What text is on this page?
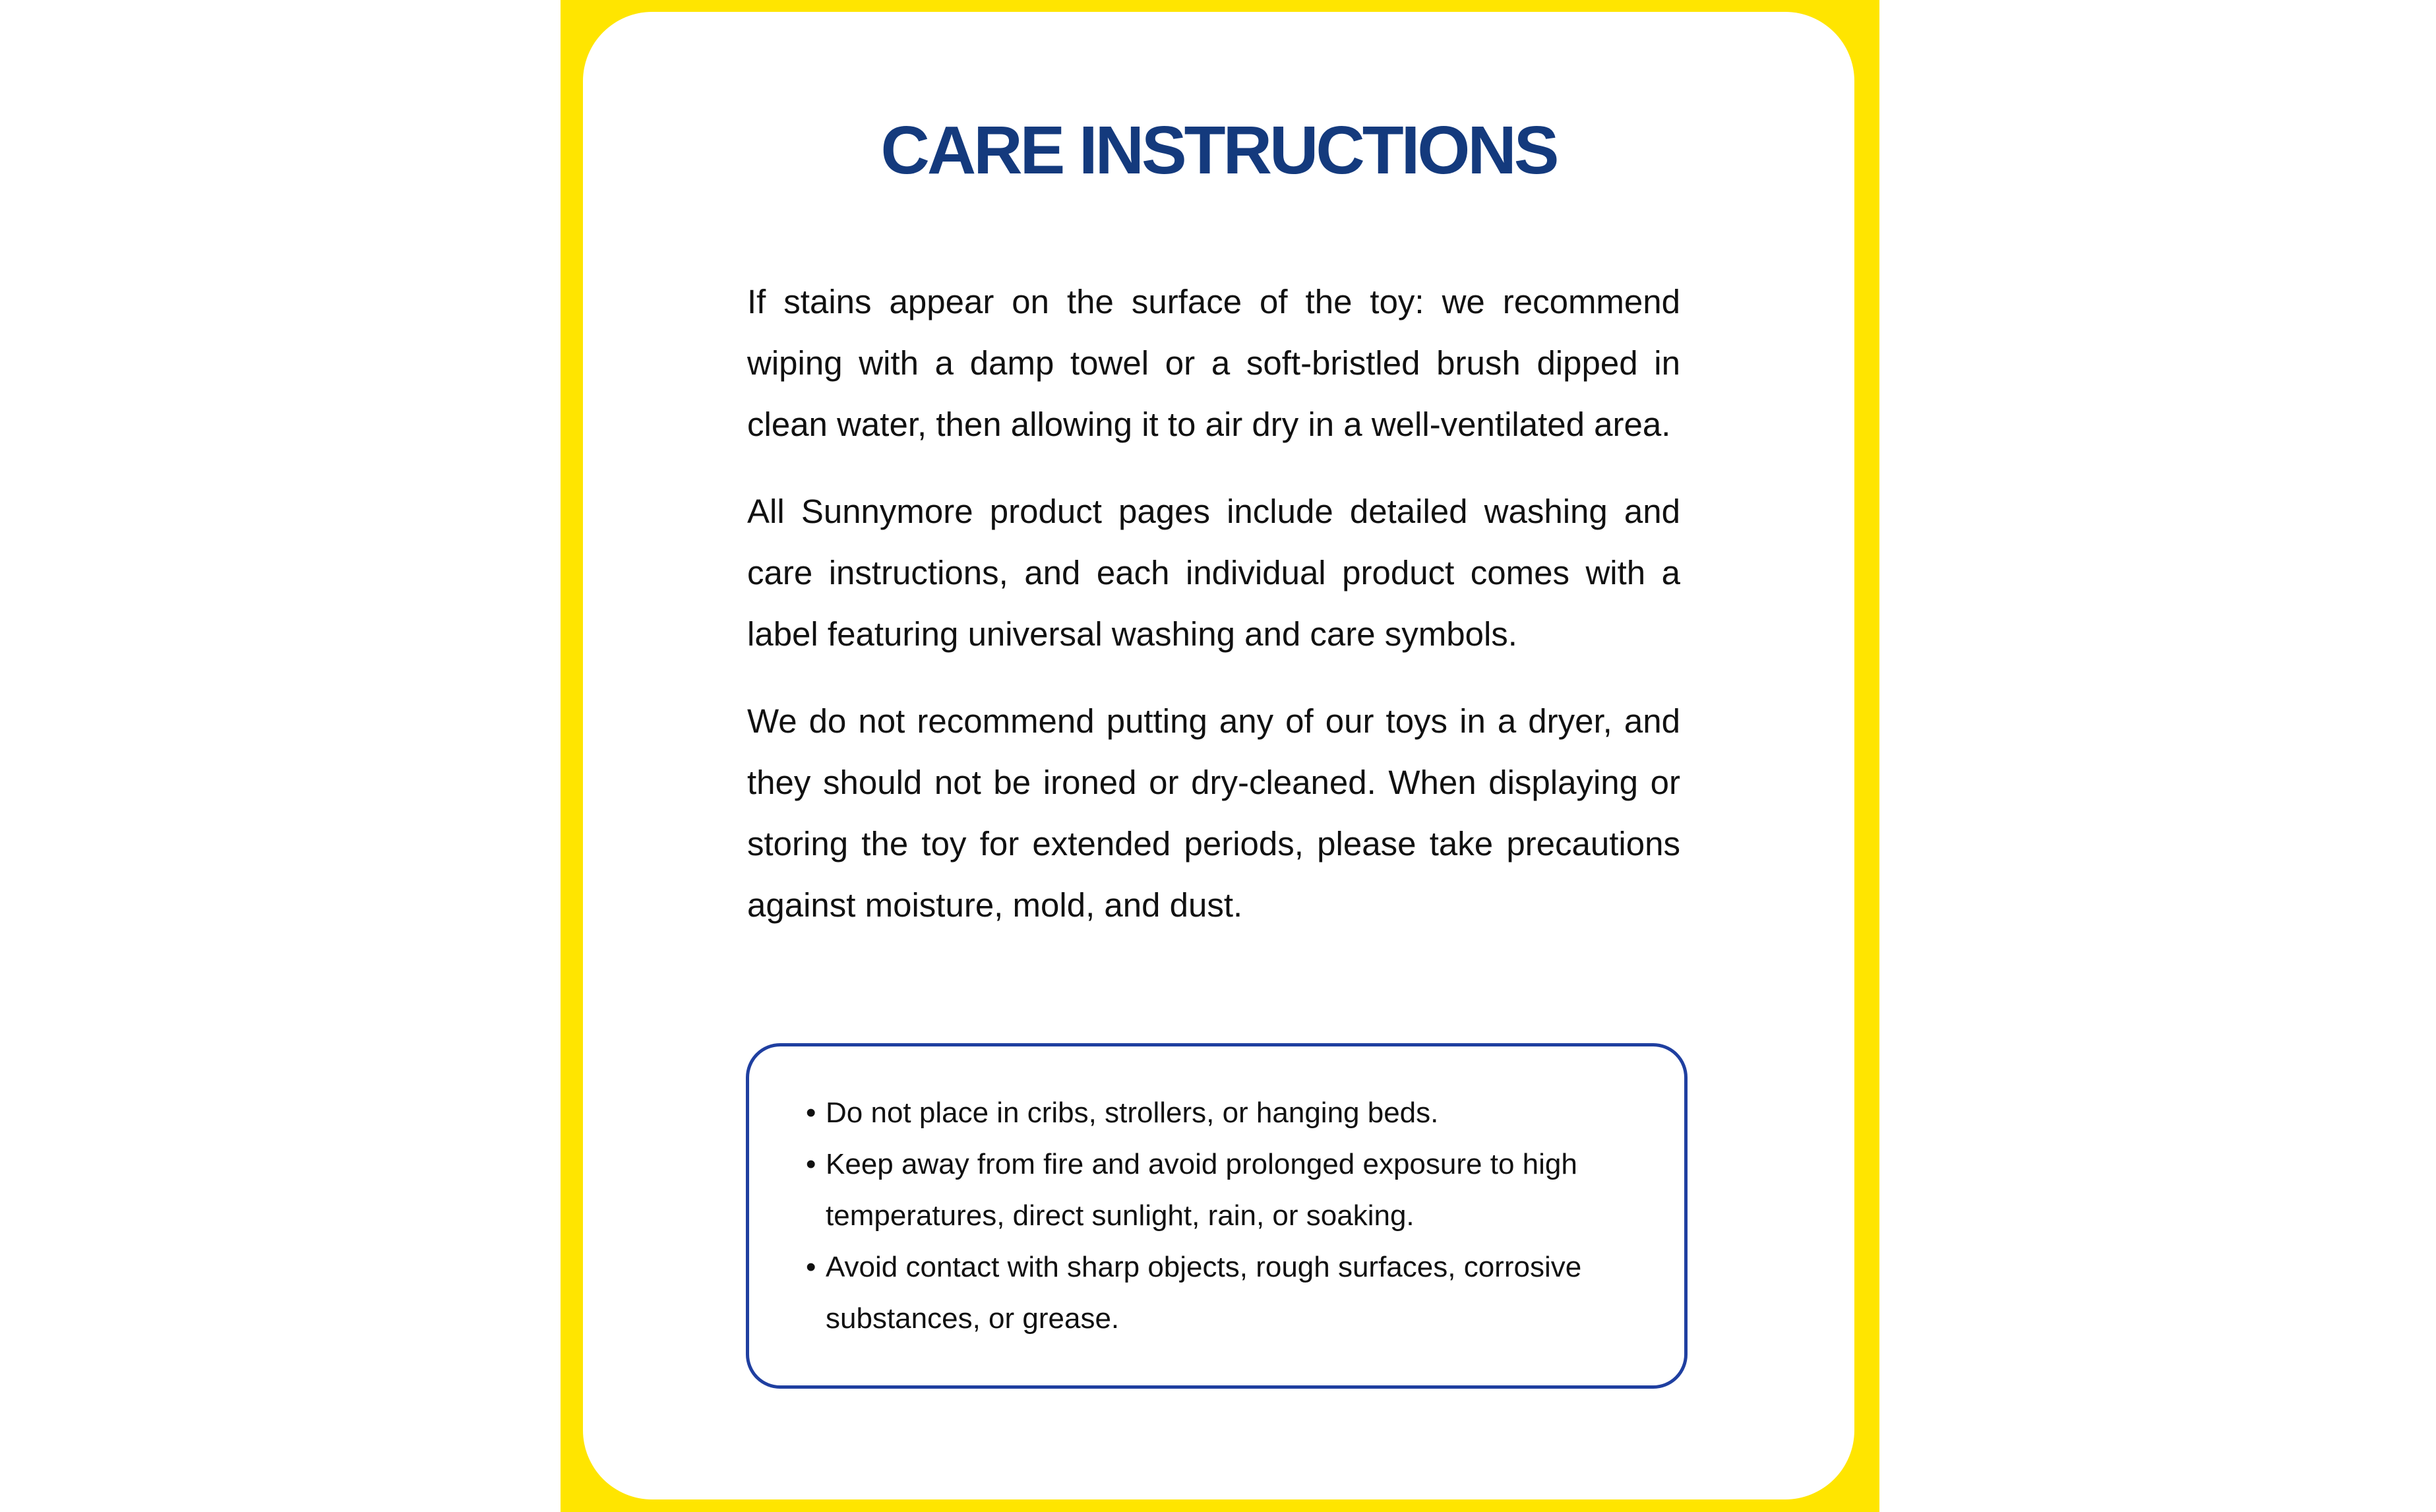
CARE INSTRUCTIONS

If stains appear on the surface of the toy: we recommend wiping with a damp towel or a soft-bristled brush dipped in clean water, then allowing it to air dry in a well-ventilated area.

All Sunnymore product pages include detailed washing and care instructions, and each individual product comes with a label featuring universal washing and care symbols.

We do not recommend putting any of our toys in a dryer, and they should not be ironed or dry-cleaned. When displaying or storing the toy for extended periods, please take precautions against moisture, mold, and dust.

• Do not place in cribs, strollers, or hanging beds.
• Keep away from fire and avoid prolonged exposure to high temperatures, direct sunlight, rain, or soaking.
• Avoid contact with sharp objects, rough surfaces, corrosive substances, or grease.
